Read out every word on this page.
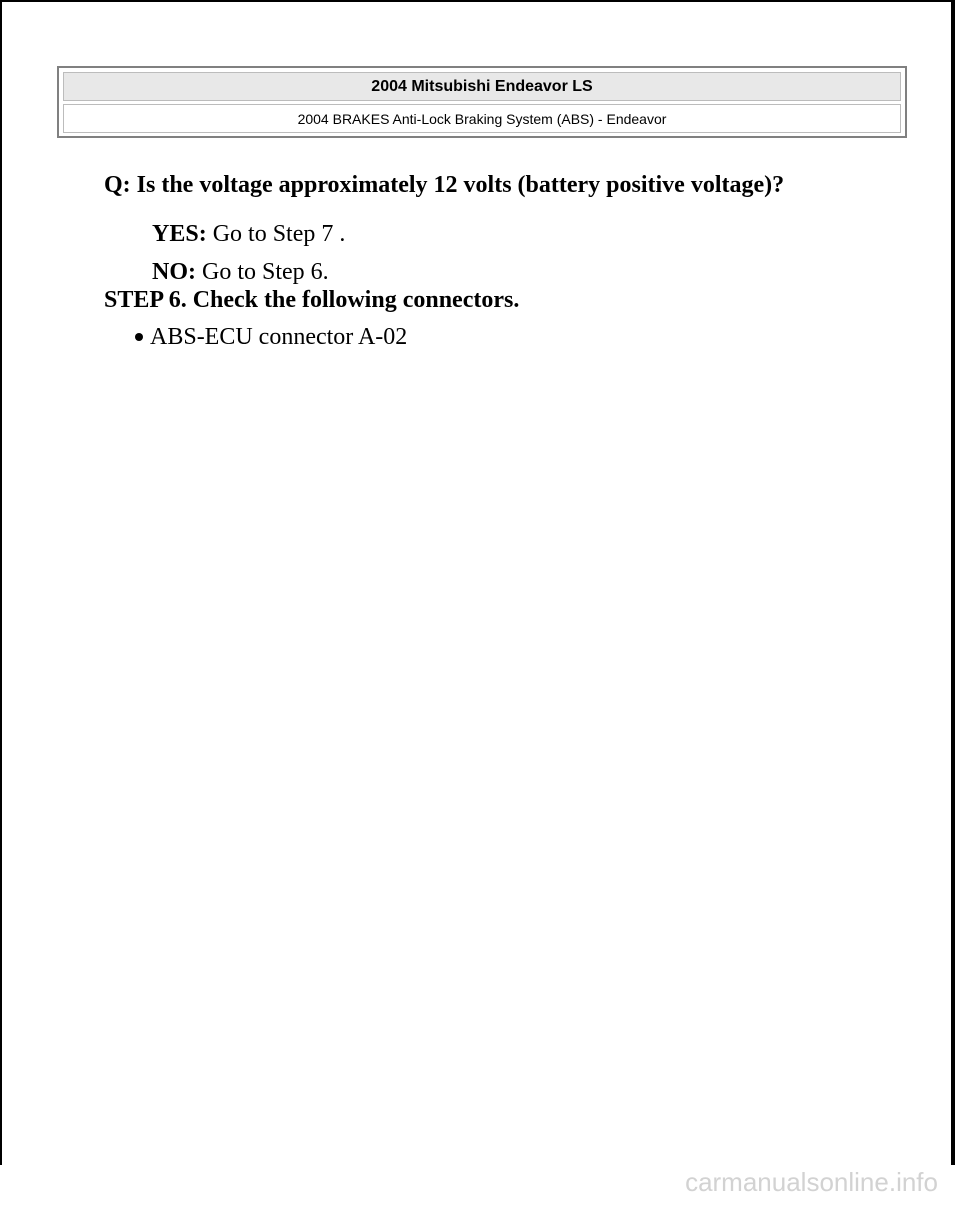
2004 Mitsubishi Endeavor LS
2004 BRAKES Anti-Lock Braking System (ABS) - Endeavor

Q: Is the voltage approximately 12 volts (battery positive voltage)?

YES: Go to Step 7 .

NO: Go to Step 6.

STEP 6. Check the following connectors.

ABS-ECU connector A-02
carmanualsonline.info
